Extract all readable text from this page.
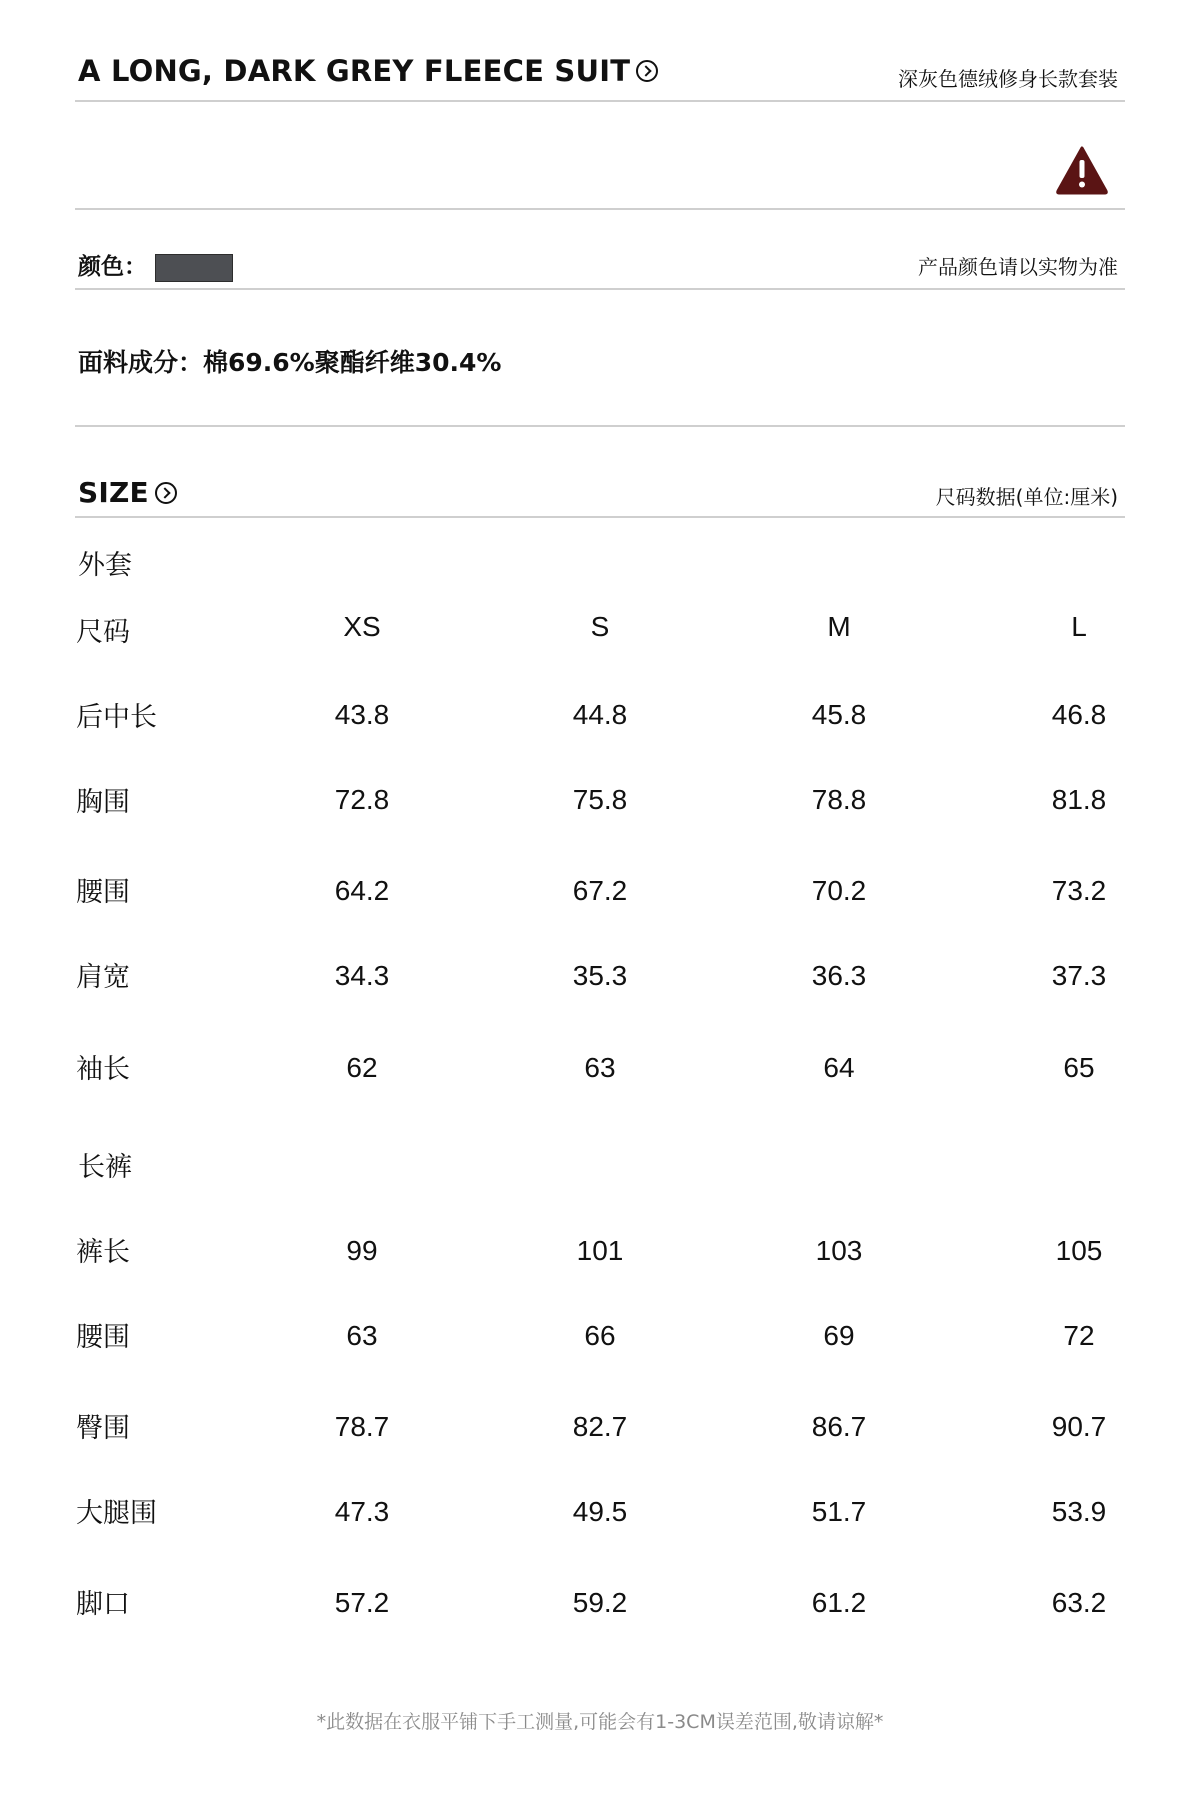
A LONG, DARK GREY FLEECE SUIT	深灰色德绒修身长款套装
颜色：	产品颜色请以实物为准
面料成分：棉69.6%聚酯纤维30.4%
SIZE	尺码数据(单位:厘米)
外套
尺码	XS	S	M	L
后中长	43.8	44.8	45.8	46.8
胸围	72.8	75.8	78.8	81.8
腰围	64.2	67.2	70.2	73.2
肩宽	34.3	35.3	36.3	37.3
袖长	62	63	64	65
长裤
裤长	99	101	103	105
腰围	63	66	69	72
臀围	78.7	82.7	86.7	90.7
大腿围	47.3	49.5	51.7	53.9
脚口	57.2	59.2	61.2	63.2
*此数据在衣服平铺下手工测量,可能会有1-3CM误差范围,敬请谅解*
